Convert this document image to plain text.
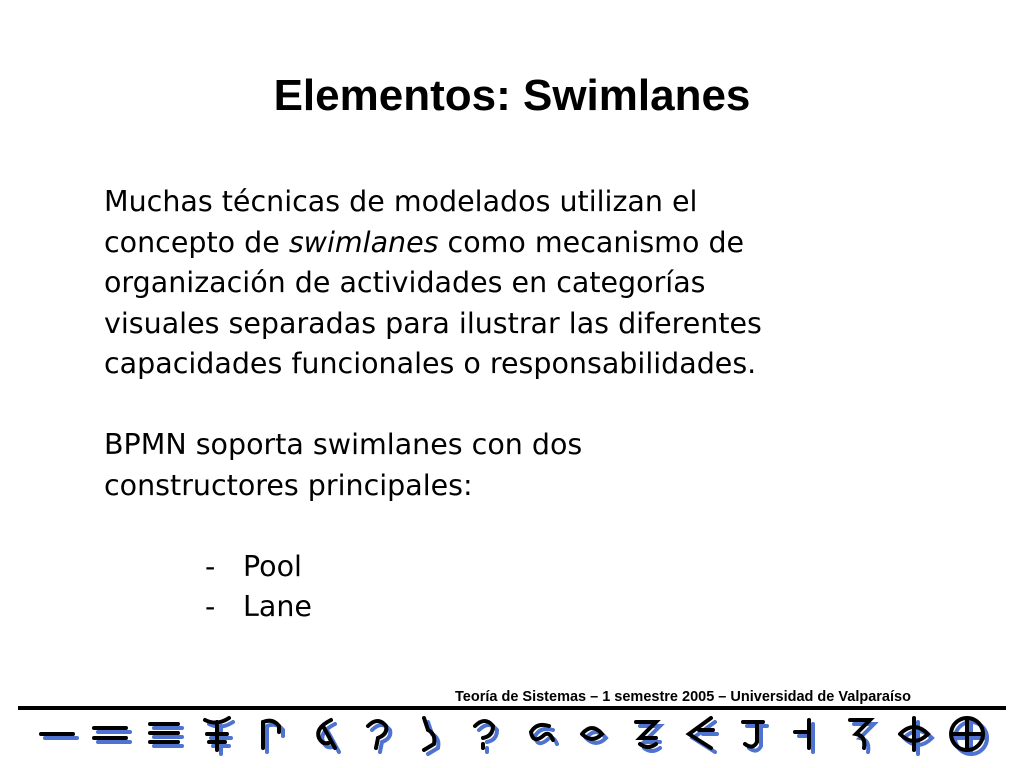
Elementos: Swimlanes

Muchas técnicas de modelados utilizan el
concepto de swimlanes como mecanismo de
organización de actividades en categorías
visuales separadas para ilustrar las diferentes
capacidades funcionales o responsabilidades.

BPMN soporta swimlanes con dos
constructores principales:

- Pool
- Lane
Teoría de Sistemas – 1 semestre 2005 – Universidad de Valparaíso
